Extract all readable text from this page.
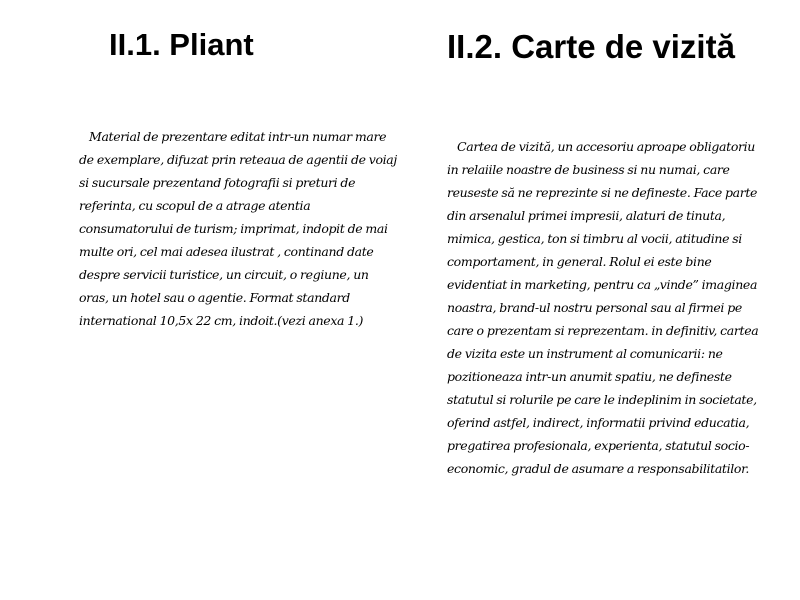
II.1. Pliant	II.2. Carte de vizită

Material de prezentare editat intr-un numar mare de exemplare, difuzat prin reteaua de agentii de voiaj si sucursale prezentand fotografii si preturi de referinta, cu scopul de a atrage atentia consumatorului de turism; imprimat, indopit de mai multe ori, cel mai adesea ilustrat , continand date despre servicii turistice, un circuit, o regiune, un oras, un hotel sau o agentie. Format standard international 10,5x 22 cm, indoit.(vezi anexa 1.)

Cartea de vizită, un accesoriu aproape obligatoriu in relaiile noastre de business si nu numai, care reuseste să ne reprezinte si ne defineste. Face parte din arsenalul primei impresii, alaturi de tinuta, mimica, gestica, ton si timbru al vocii, atitudine si comportament, in general. Rolul ei este bine evidentiat in marketing, pentru ca „vinde” imaginea noastra, brand-ul nostru personal sau al firmei pe care o prezentam si reprezentam. in definitiv, cartea de vizita este un instrument al comunicarii: ne pozitioneaza intr-un anumit spatiu, ne defineste statutul si rolurile pe care le indeplinim in societate, oferind astfel, indirect, informatii privind educatia, pregatirea profesionala, experienta, statutul socio-economic, gradul de asumare a responsabilitatilor.
